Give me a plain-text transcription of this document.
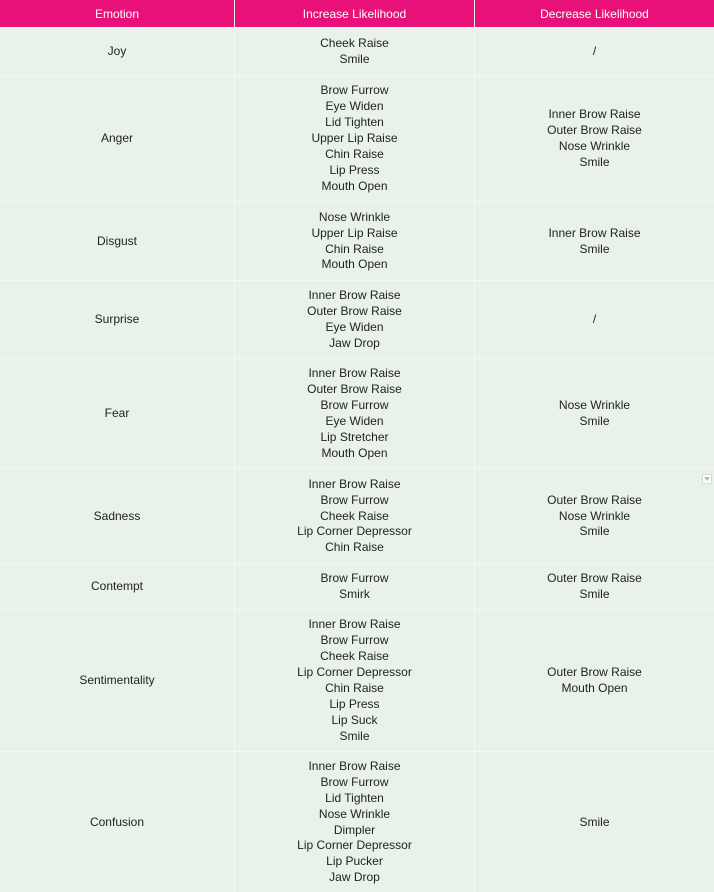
Emotion	Increase Likelihood	Decrease Likelihood
Joy
Cheek Raise
Smile
/
Anger
Brow Furrow
Eye Widen
Lid Tighten
Upper Lip Raise
Chin Raise
Lip Press
Mouth Open
Inner Brow Raise
Outer Brow Raise
Nose Wrinkle
Smile
Disgust
Nose Wrinkle
Upper Lip Raise
Chin Raise
Mouth Open
Inner Brow Raise
Smile
Surprise
Inner Brow Raise
Outer Brow Raise
Eye Widen
Jaw Drop
/
Fear
Inner Brow Raise
Outer Brow Raise
Brow Furrow
Eye Widen
Lip Stretcher
Mouth Open
Nose Wrinkle
Smile
Sadness
Inner Brow Raise
Brow Furrow
Cheek Raise
Lip Corner Depressor
Chin Raise
Outer Brow Raise
Nose Wrinkle
Smile
Contempt
Brow Furrow
Smirk
Outer Brow Raise
Smile
Sentimentality
Inner Brow Raise
Brow Furrow
Cheek Raise
Lip Corner Depressor
Chin Raise
Lip Press
Lip Suck
Smile
Outer Brow Raise
Mouth Open
Confusion
Inner Brow Raise
Brow Furrow
Lid Tighten
Nose Wrinkle
Dimpler
Lip Corner Depressor
Lip Pucker
Jaw Drop
Smile
